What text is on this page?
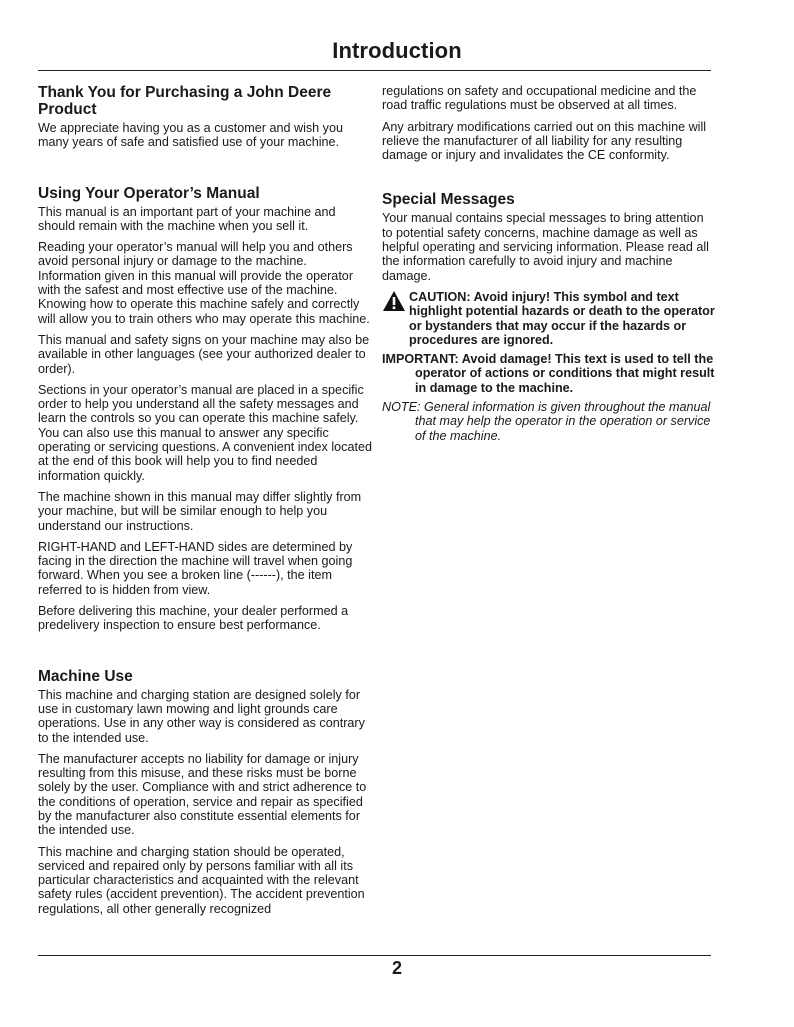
Introduction
Thank You for Purchasing a John Deere Product

We appreciate having you as a customer and wish you many years of safe and satisfied use of your machine.

Using Your Operator’s Manual

This manual is an important part of your machine and should remain with the machine when you sell it.

Reading your operator’s manual will help you and others avoid personal injury or damage to the machine. Information given in this manual will provide the operator with the safest and most effective use of the machine. Knowing how to operate this machine safely and correctly will allow you to train others who may operate this machine.

This manual and safety signs on your machine may also be available in other languages (see your authorized dealer to order).

Sections in your operator’s manual are placed in a specific order to help you understand all the safety messages and learn the controls so you can operate this machine safely. You can also use this manual to answer any specific operating or servicing questions. A convenient index located at the end of this book will help you to find needed information quickly.

The machine shown in this manual may differ slightly from your machine, but will be similar enough to help you understand our instructions.

RIGHT-HAND and LEFT-HAND sides are determined by facing in the direction the machine will travel when going forward. When you see a broken line (------), the item referred to is hidden from view.

Before delivering this machine, your dealer performed a predelivery inspection to ensure best performance.

Machine Use

This machine and charging station are designed solely for use in customary lawn mowing and light grounds care operations. Use in any other way is considered as contrary to the intended use.

The manufacturer accepts no liability for damage or injury resulting from this misuse, and these risks must be borne solely by the user. Compliance with and strict adherence to the conditions of operation, service and repair as specified by the manufacturer also constitute essential elements for the intended use.

This machine and charging station should be operated, serviced and repaired only by persons familiar with all its particular characteristics and acquainted with the relevant safety rules (accident prevention). The accident prevention regulations, all other generally recognized

regulations on safety and occupational medicine and the road traffic regulations must be observed at all times.

Any arbitrary modifications carried out on this machine will relieve the manufacturer of all liability for any resulting damage or injury and invalidates the CE conformity.

Special Messages

Your manual contains special messages to bring attention to potential safety concerns, machine damage as well as helpful operating and servicing information. Please read all the information carefully to avoid injury and machine damage.

CAUTION: Avoid injury! This symbol and text highlight potential hazards or death to the operator or bystanders that may occur if the hazards or procedures are ignored.
IMPORTANT: Avoid damage! This text is used to tell the operator of actions or conditions that might result in damage to the machine.
NOTE: General information is given throughout the manual that may help the operator in the operation or service of the machine.
2
